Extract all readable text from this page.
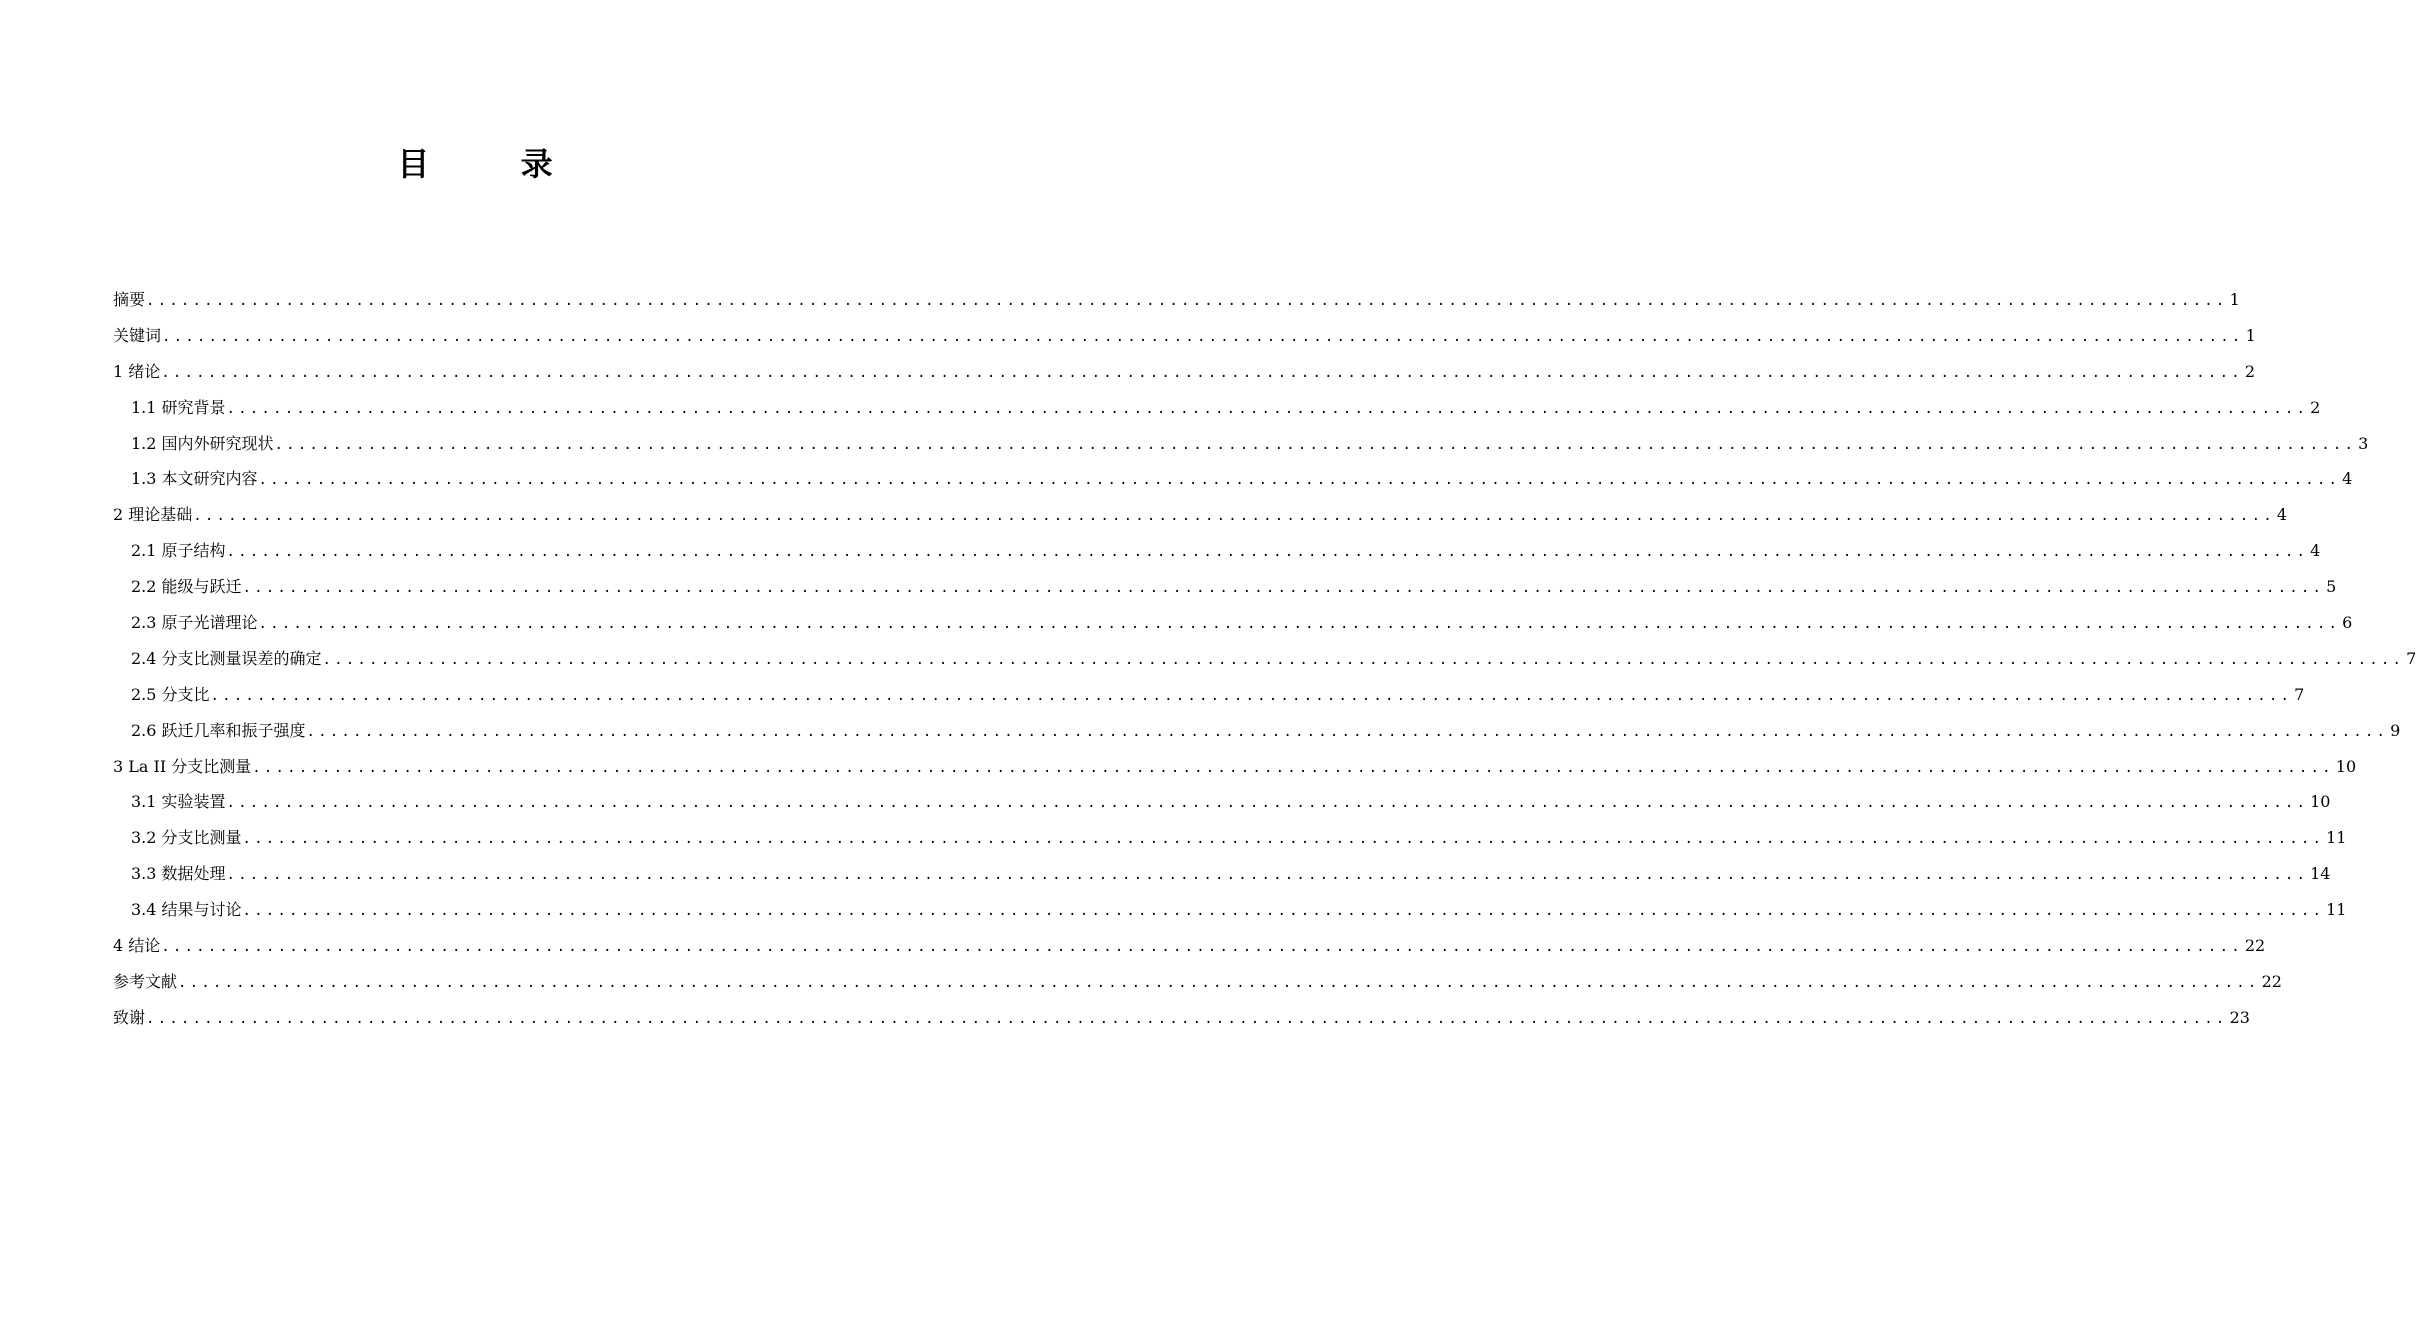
目 录
摘要 ................................................................................................................................................................................... 1
关键词 ................................................................................................................................................................................... 1
1 绪论 ................................................................................................................................................................................... 2
1.1 研究背景 ................................................................................................................................................................................... 2
1.2 国内外研究现状 ................................................................................................................................................................................... 3
1.3 本文研究内容 ................................................................................................................................................................................... 4
2 理论基础 ................................................................................................................................................................................... 4
2.1 原子结构 ................................................................................................................................................................................... 4
2.2 能级与跃迁 ................................................................................................................................................................................... 5
2.3 原子光谱理论 ................................................................................................................................................................................... 6
2.4 分支比测量误差的确定 ................................................................................................................................................................................... 7
2.5 分支比 ................................................................................................................................................................................... 7
2.6 跃迁几率和振子强度 ................................................................................................................................................................................... 9
3 La II 分支比测量 ................................................................................................................................................................................... 10
3.1 实验装置 ................................................................................................................................................................................... 10
3.2 分支比测量 ................................................................................................................................................................................... 11
3.3 数据处理 ................................................................................................................................................................................... 14
3.4 结果与讨论 ................................................................................................................................................................................... 11
4 结论 ................................................................................................................................................................................... 22
参考文献 ................................................................................................................................................................................... 22
致谢 ................................................................................................................................................................................... 23
